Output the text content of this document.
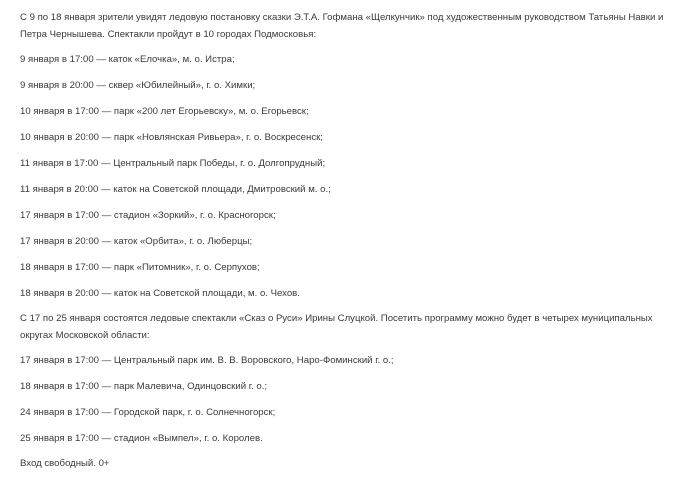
С 9 по 18 января зрители увидят ледовую постановку сказки Э.Т.А. Гофмана «Щелкунчик» под художественным руководством Татьяны Навки и Петра Чернышева. Спектакли пройдут в 10 городах Подмосковья:

9 января в 17:00 — каток «Елочка», м. о. Истра;

9 января в 20:00 — сквер «Юбилейный», г. о. Химки;

10 января в 17:00 — парк «200 лет Егорьевску», м. о. Егорьевск;

10 января в 20:00 — парк «Новлянская Ривьера», г. о. Воскресенск;

11 января в 17:00 — Центральный парк Победы, г. о. Долгопрудный;

11 января в 20:00 — каток на Советской площади, Дмитровский м. о.;

17 января в 17:00 — стадион «Зоркий», г. о. Красногорск;

17 января в 20:00 — каток «Орбита», г. о. Люберцы;

18 января в 17:00 — парк «Питомник», г. о. Серпухов;

18 января в 20:00 — каток на Советской площади, м. о. Чехов.

С 17 по 25 января состоятся ледовые спектакли «Сказ о Руси» Ирины Слуцкой. Посетить программу можно будет в четырех муниципальных округах Московской области:

17 января в 17:00 — Центральный парк им. В. В. Воровского, Наро-Фоминский г. о.;

18 января в 17:00 — парк Малевича, Одинцовский г. о.;

24 января в 17:00 — Городской парк, г. о. Солнечногорск;

25 января в 17:00 — стадион «Вымпел», г. о. Королев.

Вход свободный. 0+
